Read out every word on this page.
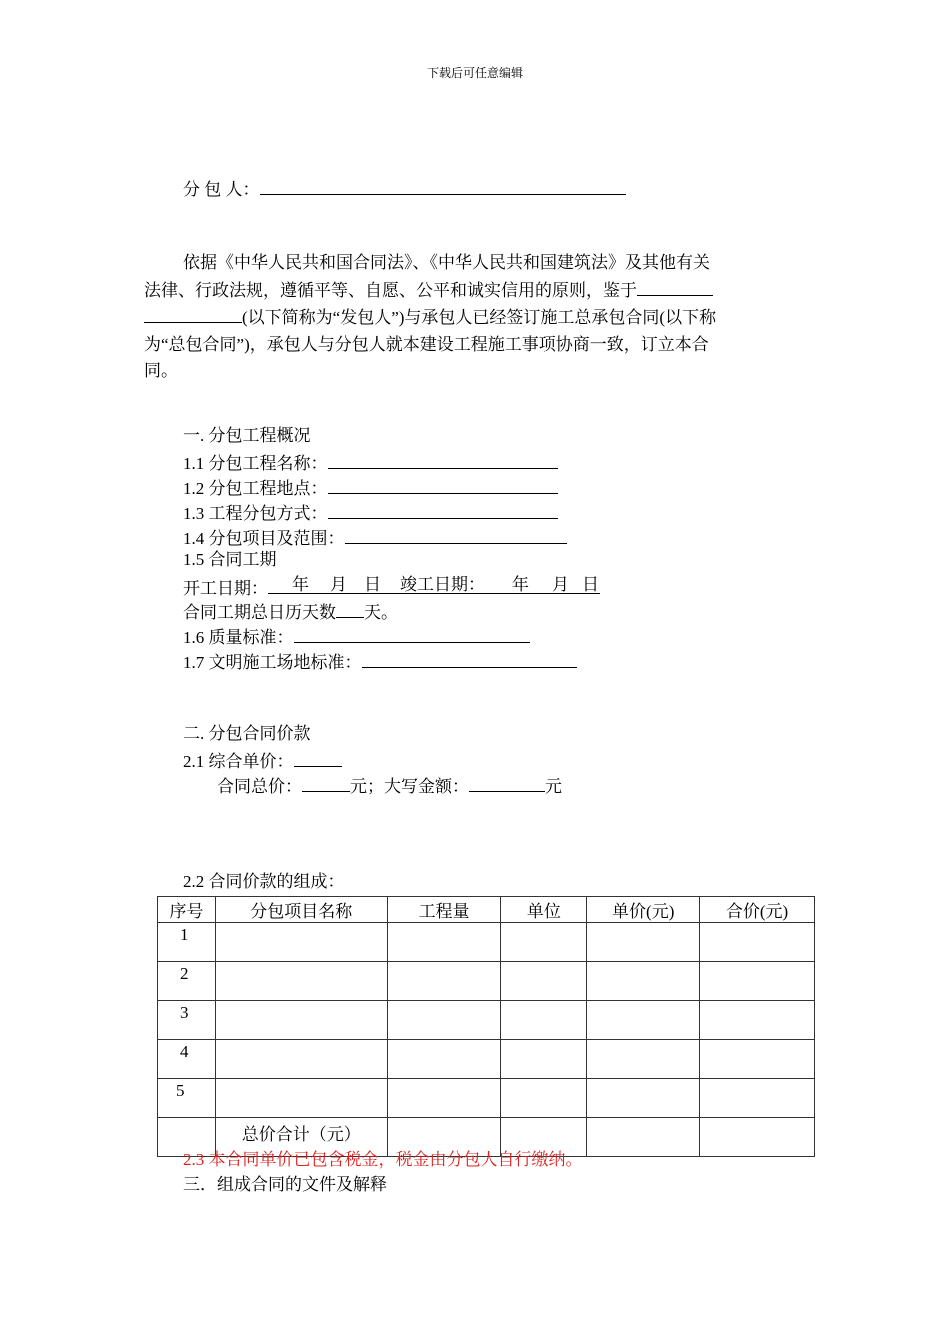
下载后可任意编辑
分 包 人：
依据《中华人民共和国合同法》、《中华人民共和国建筑法》及其他有关
法律、行政法规，遵循平等、自愿、公平和诚实信用的原则，鉴于
(以下简称为“发包人”)与承包人已经签订施工总承包合同(以下称
为“总包合同”)，承包人与分包人就本建设工程施工事项协商一致，订立本合
同。
一. 分包工程概况
1.1 分包工程名称：
1.2 分包工程地点：
1.3 工程分包方式：
1.4 分包项目及范围：
1.5 合同工期
开工日期： 年 月 日 竣工日期： 年 月 日
合同工期总日历天数 天。
1.6 质量标准：
1.7 文明施工场地标准：
二. 分包合同价款
2.1 综合单价：
合同总价：	元；大写金额：	元
2.2 合同价款的组成：
序号	分包项目名称	工程量	单位	单价(元)	合价(元)
1					
2					
3					
4					
5					
	总价合计（元）				
2.3 本合同单价已包含税金，税金由分包人自行缴纳。
三．组成合同的文件及解释
